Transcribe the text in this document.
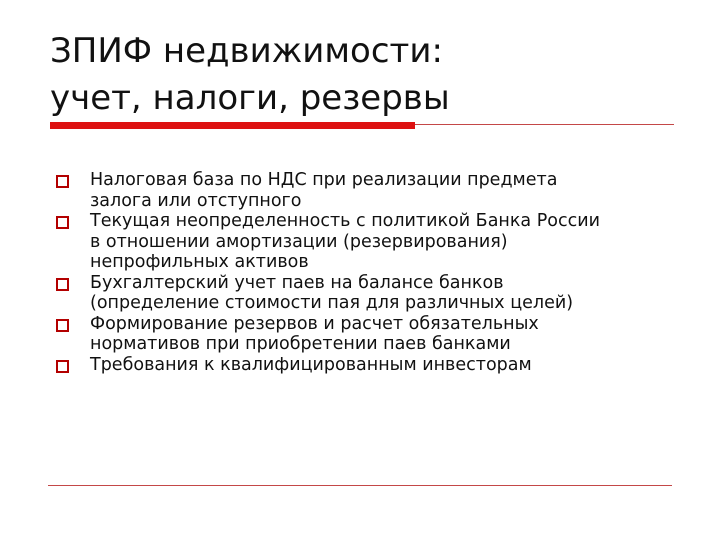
ЗПИФ недвижимости:
учет, налоги, резервы
Налоговая база по НДС при реализации предмета
залога или отступного
Текущая неопределенность с политикой Банка России
в отношении амортизации (резервирования)
непрофильных активов
Бухгалтерский учет паев на балансе банков
(определение стоимости пая для различных целей)
Формирование резервов и расчет обязательных
нормативов при приобретении паев банками
Требования к квалифицированным инвесторам
